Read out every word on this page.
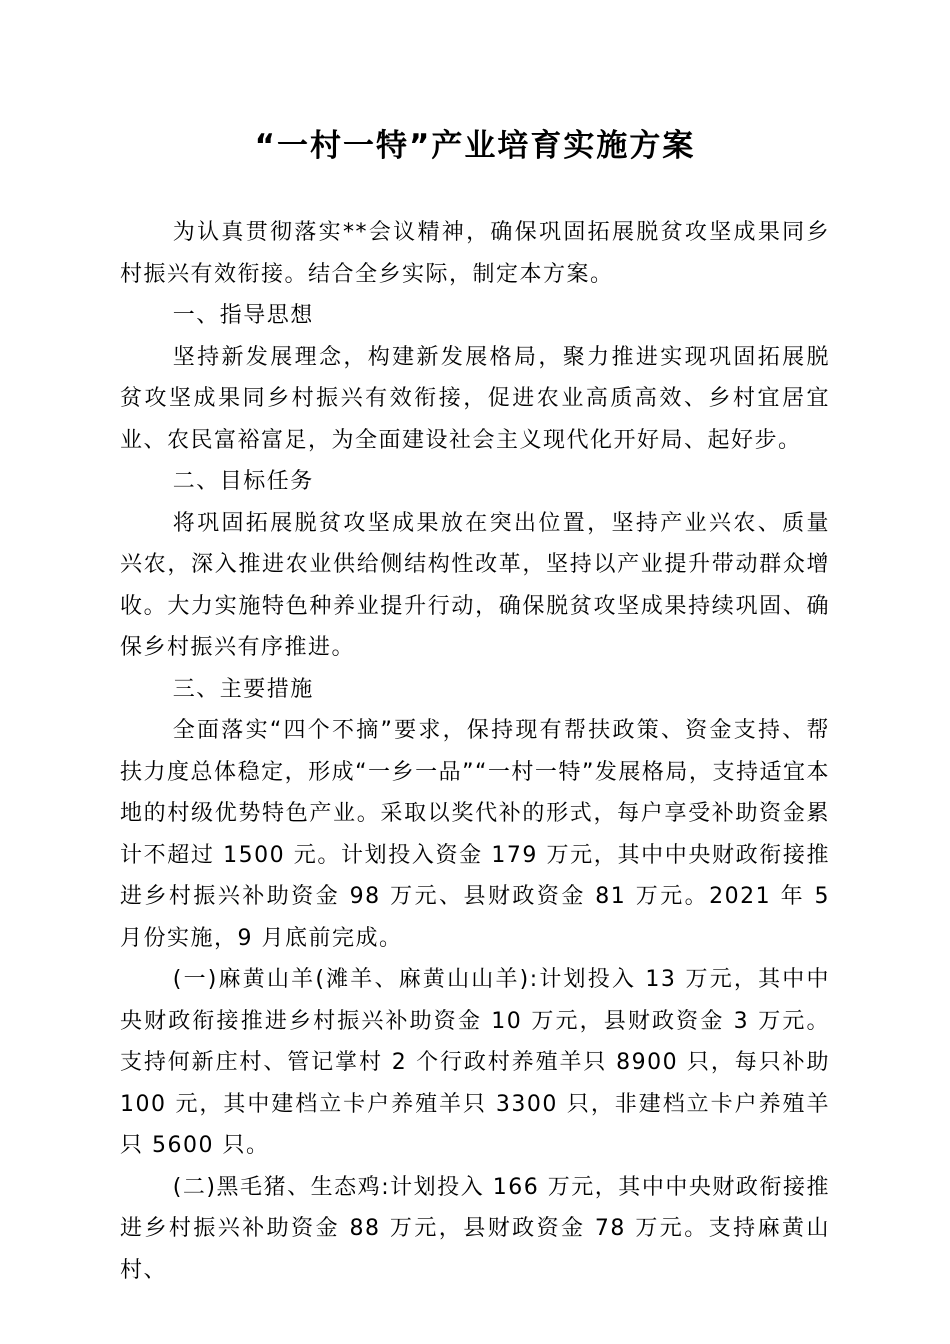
“一村一特”产业培育实施方案

为认真贯彻落实**会议精神，确保巩固拓展脱贫攻坚成果同乡村振兴有效衔接。结合全乡实际，制定本方案。

一、指导思想

坚持新发展理念，构建新发展格局，聚力推进实现巩固拓展脱贫攻坚成果同乡村振兴有效衔接，促进农业高质高效、乡村宜居宜业、农民富裕富足，为全面建设社会主义现代化开好局、起好步。

二、目标任务

将巩固拓展脱贫攻坚成果放在突出位置，坚持产业兴农、质量兴农，深入推进农业供给侧结构性改革，坚持以产业提升带动群众增收。大力实施特色种养业提升行动，确保脱贫攻坚成果持续巩固、确保乡村振兴有序推进。

三、主要措施

全面落实“四个不摘”要求，保持现有帮扶政策、资金支持、帮扶力度总体稳定，形成“一乡一品”“一村一特”发展格局，支持适宜本地的村级优势特色产业。采取以奖代补的形式，每户享受补助资金累计不超过 1500 元。计划投入资金 179 万元，其中中央财政衔接推进乡村振兴补助资金 98 万元、县财政资金 81 万元。2021 年 5 月份实施，9 月底前完成。

(一)麻黄山羊(滩羊、麻黄山山羊):计划投入 13 万元，其中中央财政衔接推进乡村振兴补助资金 10 万元，县财政资金 3 万元。支持何新庄村、管记掌村 2 个行政村养殖羊只 8900 只，每只补助 100 元，其中建档立卡户养殖羊只 3300 只，非建档立卡户养殖羊只 5600 只。

(二)黑毛猪、生态鸡:计划投入 166 万元，其中中央财政衔接推进乡村振兴补助资金 88 万元，县财政资金 78 万元。支持麻黄山村、
